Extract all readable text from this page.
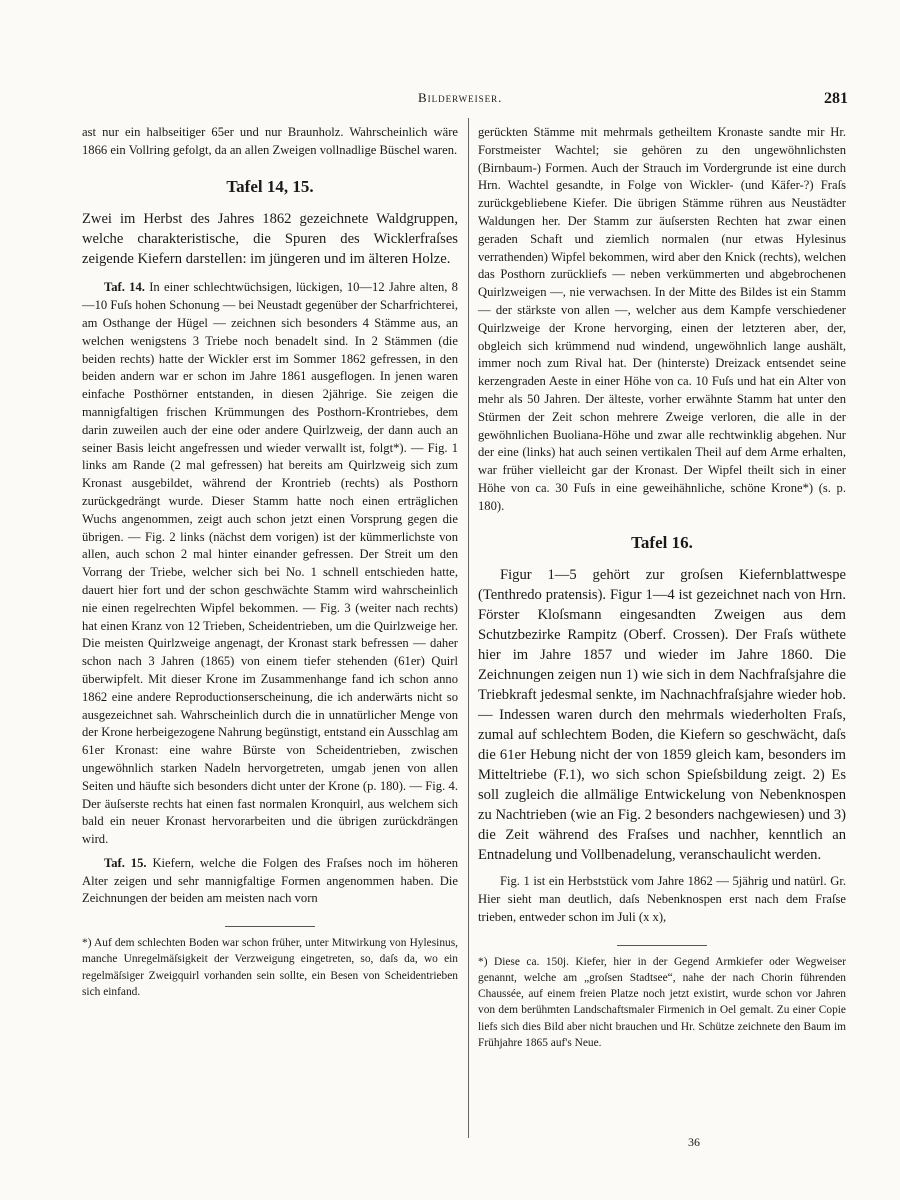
Bilderweiser.	281

ast nur ein halbseitiger 65er und nur Braunholz. Wahrscheinlich wäre 1866 ein Vollring gefolgt, da an allen Zweigen vollnadlige Büschel waren.

Tafel 14, 15.

Zwei im Herbst des Jahres 1862 gezeichnete Waldgruppen, welche charakteristische, die Spuren des Wicklerfraſses zeigende Kiefern darstellen: im jüngeren und im älteren Holze.

Taf. 14. In einer schlechtwüchsigen, lückigen, 10—12 Jahre alten, 8—10 Fuſs hohen Schonung — bei Neustadt gegenüber der Scharfrichterei, am Osthange der Hügel — zeichnen sich besonders 4 Stämme aus, an welchen wenigstens 3 Triebe noch benadelt sind. In 2 Stämmen (die beiden rechts) hatte der Wickler erst im Sommer 1862 gefressen, in den beiden andern war er schon im Jahre 1861 ausgeflogen. In jenen waren einfache Posthörner entstanden, in diesen 2jährige. Sie zeigen die mannigfaltigen frischen Krümmungen des Posthorn-Krontriebes, dem darin zuweilen auch der eine oder andere Quirlzweig, der dann auch an seiner Basis leicht angefressen und wieder verwallt ist, folgt*). — Fig. 1 links am Rande (2 mal gefressen) hat bereits am Quirlzweig sich zum Kronast ausgebildet, während der Krontrieb (rechts) als Posthorn zurückgedrängt wurde. Dieser Stamm hatte noch einen erträglichen Wuchs angenommen, zeigt auch schon jetzt einen Vorsprung gegen die übrigen. — Fig. 2 links (nächst dem vorigen) ist der kümmerlichste von allen, auch schon 2 mal hinter einander gefressen. Der Streit um den Vorrang der Triebe, welcher sich bei No. 1 schnell entschieden hatte, dauert hier fort und der schon geschwächte Stamm wird wahrscheinlich nie einen regelrechten Wipfel bekommen. — Fig. 3 (weiter nach rechts) hat einen Kranz von 12 Trieben, Scheidentrieben, um die Quirlzweige her. Die meisten Quirlzweige angenagt, der Kronast stark befressen — daher schon nach 3 Jahren (1865) von einem tiefer stehenden (61er) Quirl überwipfelt. Mit dieser Krone im Zusammenhange fand ich schon anno 1862 eine andere Reproductionserscheinung, die ich anderwärts nicht so ausgezeichnet sah. Wahrscheinlich durch die in unnatürlicher Menge von der Krone herbeigezogene Nahrung begünstigt, entstand ein Ausschlag am 61er Kronast: eine wahre Bürste von Scheidentrieben, zwischen ungewöhnlich starken Nadeln hervorgetreten, umgab jenen von allen Seiten und häufte sich besonders dicht unter der Krone (p. 180). — Fig. 4. Der äuſserste rechts hat einen fast normalen Kronquirl, aus welchem sich bald ein neuer Kronast hervorarbeiten und die übrigen zurückdrängen wird.

Taf. 15. Kiefern, welche die Folgen des Fraſses noch im höheren Alter zeigen und sehr mannigfaltige Formen angenommen haben. Die Zeichnungen der beiden am meisten nach vorn

*) Auf dem schlechten Boden war schon früher, unter Mitwirkung von Hylesinus, manche Unregelmäſsigkeit der Verzweigung eingetreten, so, daſs da, wo ein regelmäſsiger Zweigquirl vorhanden sein sollte, ein Besen von Scheidentrieben sich einfand.

gerückten Stämme mit mehrmals getheiltem Kronaste sandte mir Hr. Forstmeister Wachtel; sie gehören zu den ungewöhnlichsten (Birnbaum-) Formen. Auch der Strauch im Vordergrunde ist eine durch Hrn. Wachtel gesandte, in Folge von Wickler- (und Käfer-?) Fraſs zurückgebliebene Kiefer. Die übrigen Stämme rühren aus Neustädter Waldungen her. Der Stamm zur äuſsersten Rechten hat zwar einen geraden Schaft und ziemlich normalen (nur etwas Hylesinus verrathenden) Wipfel bekommen, wird aber den Knick (rechts), welchen das Posthorn zurückliefs — neben verkümmerten und abgebrochenen Quirlzweigen —, nie verwachsen. In der Mitte des Bildes ist ein Stamm — der stärkste von allen —, welcher aus dem Kampfe verschiedener Quirlzweige der Krone hervorging, einen der letzteren aber, der, obgleich sich krümmend nud windend, ungewöhnlich lange aushält, immer noch zum Rival hat. Der (hinterste) Dreizack entsendet seine kerzengraden Aeste in einer Höhe von ca. 10 Fuſs und hat ein Alter von mehr als 50 Jahren. Der älteste, vorher erwähnte Stamm hat unter den Stürmen der Zeit schon mehrere Zweige verloren, die alle in der gewöhnlichen Buoliana-Höhe und zwar alle rechtwinklig abgehen. Nur der eine (links) hat auch seinen vertikalen Theil auf dem Arme erhalten, war früher vielleicht gar der Kronast. Der Wipfel theilt sich in einer Höhe von ca. 30 Fuſs in eine geweihähnliche, schöne Krone*) (s. p. 180).

Tafel 16.

Figur 1—5 gehört zur groſsen Kiefernblattwespe (Tenthredo pratensis). Figur 1—4 ist gezeichnet nach von Hrn. Förster Kloſsmann eingesandten Zweigen aus dem Schutzbezirke Rampitz (Oberf. Crossen). Der Fraſs wüthete hier im Jahre 1857 und wieder im Jahre 1860. Die Zeichnungen zeigen nun 1) wie sich in dem Nachfraſsjahre die Triebkraft jedesmal senkte, im Nachnachfraſsjahre wieder hob. — Indessen waren durch den mehrmals wiederholten Fraſs, zumal auf schlechtem Boden, die Kiefern so geschwächt, daſs die 61er Hebung nicht der von 1859 gleich kam, besonders im Mitteltriebe (F.1), wo sich schon Spieſsbildung zeigt. 2) Es soll zugleich die allmälige Entwickelung von Nebenknospen zu Nachtrieben (wie an Fig. 2 besonders nachgewiesen) und 3) die Zeit während des Fraſses und nachher, kenntlich an Entnadelung und Vollbenadelung, veranschaulicht werden.

Fig. 1 ist ein Herbststück vom Jahre 1862 — 5jährig und natürl. Gr. Hier sieht man deutlich, daſs Nebenknospen erst nach dem Fraſse trieben, entweder schon im Juli (x x),

*) Diese ca. 150j. Kiefer, hier in der Gegend Armkiefer oder Wegweiser genannt, welche am „groſsen Stadtsee“, nahe der nach Chorin führenden Chaussée, auf einem freien Platze noch jetzt existirt, wurde schon vor Jahren von dem berühmten Landschaftsmaler Firmenich in Oel gemalt. Zu einer Copie liefs sich dies Bild aber nicht brauchen und Hr. Schütze zeichnete den Baum im Frühjahre 1865 auf's Neue.

36
